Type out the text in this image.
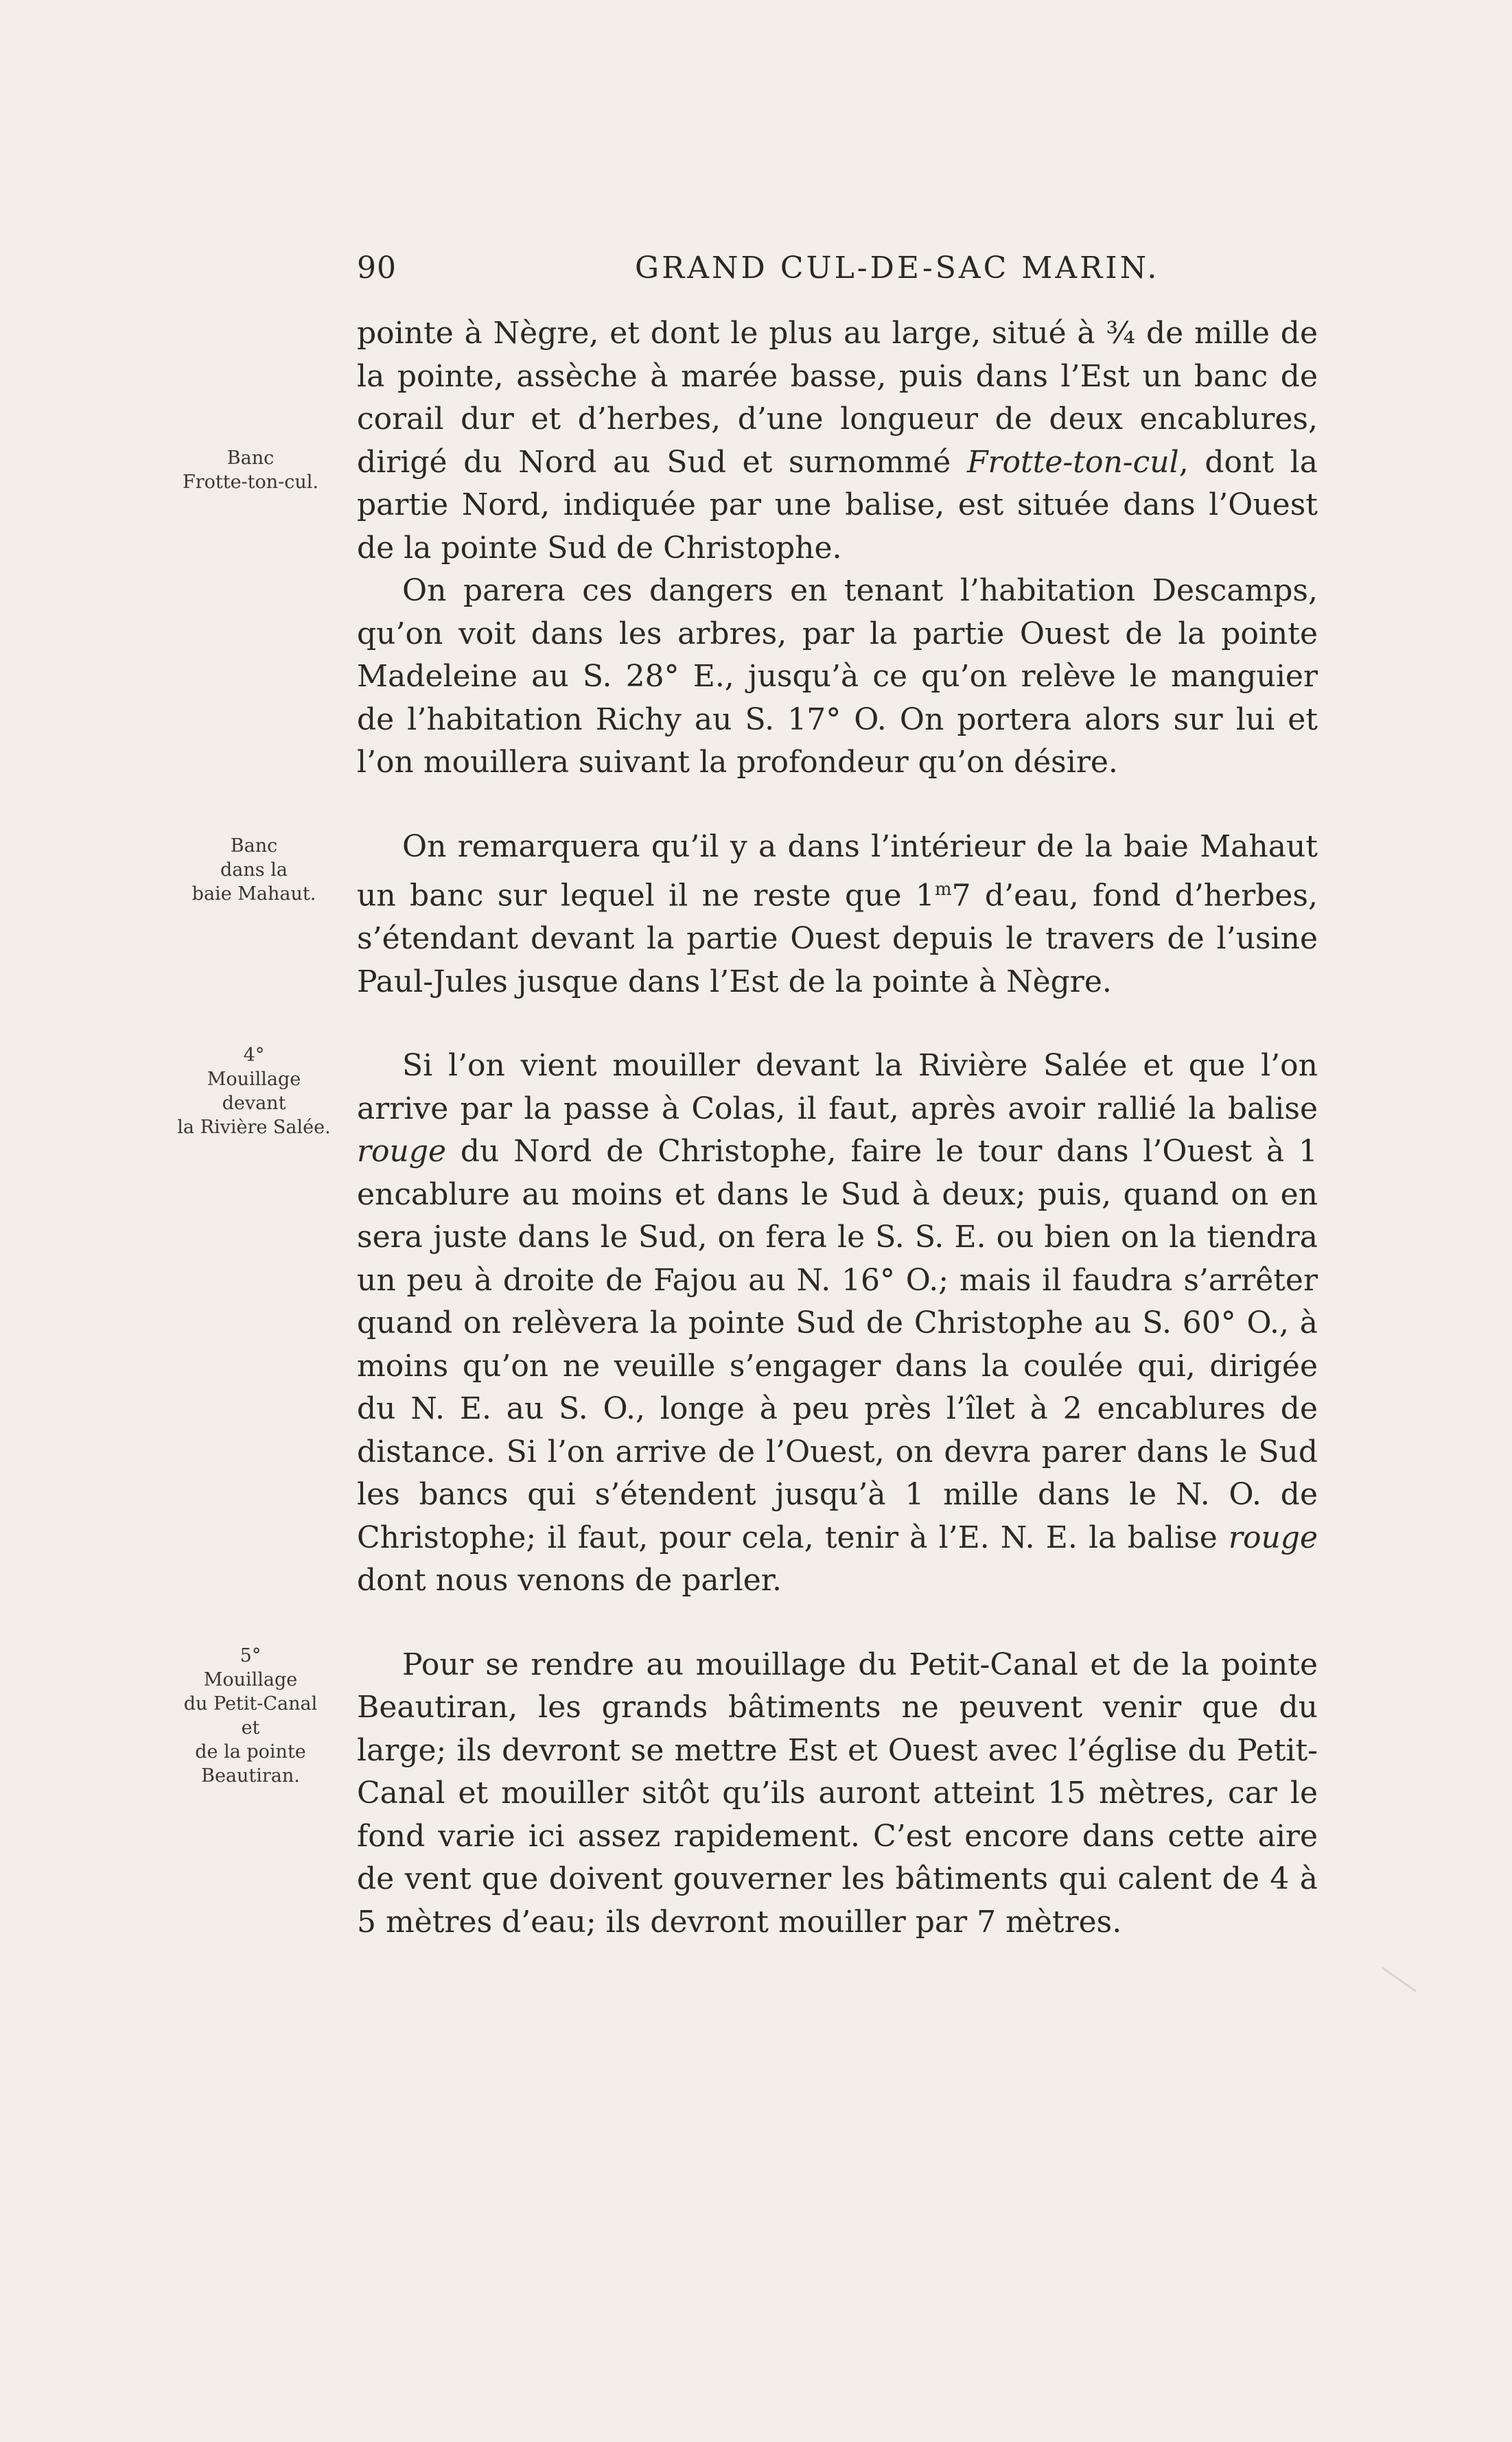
90	GRAND CUL-DE-SAC MARIN.
Banc
Frotte-ton-cul.
Banc
dans la
baie Mahaut.
4°
Mouillage
devant
la Rivière Salée.
5°
Mouillage
du Petit-Canal
et
de la pointe
Beautiran.

pointe à Nègre, et dont le plus au large, situé à ¾ de mille de la pointe, assèche à marée basse, puis dans l’Est un banc de corail dur et d’herbes, d’une longueur de deux encablures, dirigé du Nord au Sud et surnommé Frotte-ton-cul, dont la partie Nord, indiquée par une balise, est située dans l’Ouest de la pointe Sud de Christophe.

On parera ces dangers en tenant l’habitation Descamps, qu’on voit dans les arbres, par la partie Ouest de la pointe Madeleine au S. 28° E., jusqu’à ce qu’on relève le manguier de l’habitation Richy au S. 17° O. On portera alors sur lui et l’on mouillera suivant la profondeur qu’on désire.

On remarquera qu’il y a dans l’intérieur de la baie Mahaut un banc sur lequel il ne reste que 1$^m$7 d’eau, fond d’herbes, s’étendant devant la partie Ouest depuis le travers de l’usine Paul-Jules jusque dans l’Est de la pointe à Nègre.

Si l’on vient mouiller devant la Rivière Salée et que l’on arrive par la passe à Colas, il faut, après avoir rallié la balise rouge du Nord de Christophe, faire le tour dans l’Ouest à 1 encablure au moins et dans le Sud à deux; puis, quand on en sera juste dans le Sud, on fera le S. S. E. ou bien on la tiendra un peu à droite de Fajou au N. 16° O.; mais il faudra s’arrêter quand on relèvera la pointe Sud de Christophe au S. 60° O., à moins qu’on ne veuille s’engager dans la coulée qui, dirigée du N. E. au S. O., longe à peu près l’îlet à 2 encablures de distance. Si l’on arrive de l’Ouest, on devra parer dans le Sud les bancs qui s’étendent jusqu’à 1 mille dans le N. O. de Christophe; il faut, pour cela, tenir à l’E. N. E. la balise rouge dont nous venons de parler.

Pour se rendre au mouillage du Petit-Canal et de la pointe Beautiran, les grands bâtiments ne peuvent venir que du large; ils devront se mettre Est et Ouest avec l’église du Petit-Canal et mouiller sitôt qu’ils auront atteint 15 mètres, car le fond varie ici assez rapidement. C’est encore dans cette aire de vent que doivent gouverner les bâtiments qui calent de 4 à 5 mètres d’eau; ils devront mouiller par 7 mètres.
